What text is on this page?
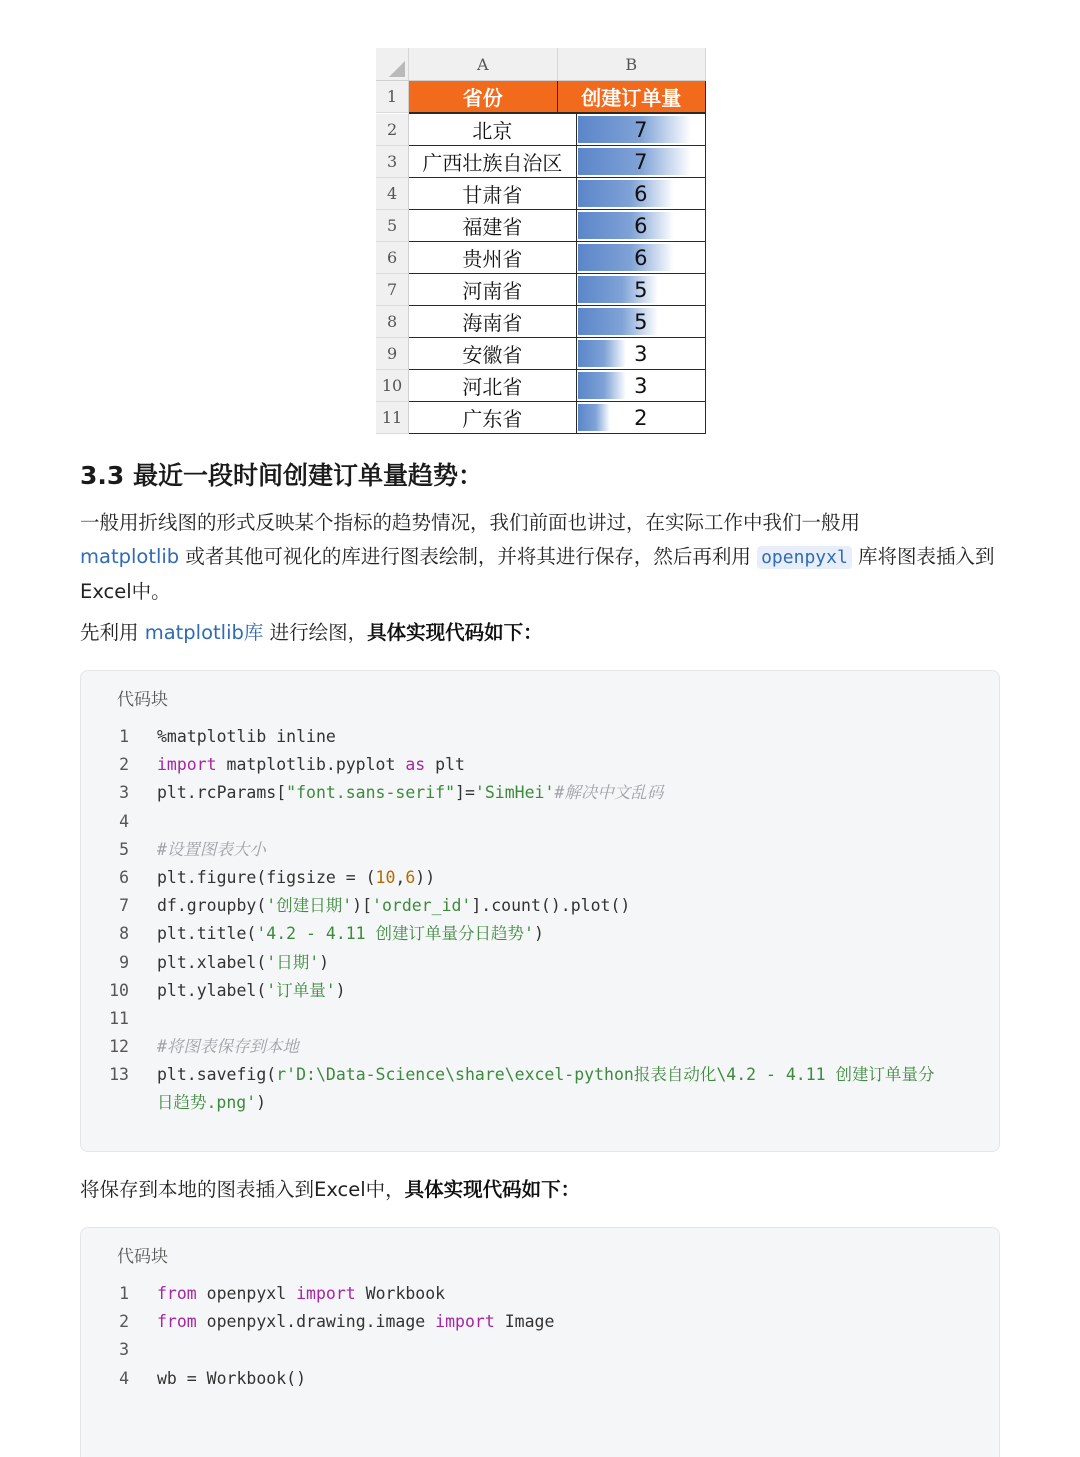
	A	B
1	省份	创建订单量
2	北京	7
3	广西壮族自治区	7
4	甘肃省	6
5	福建省	6
6	贵州省	6
7	河南省	5
8	海南省	5
9	安徽省	3
10	河北省	3
11	广东省	2
3.3 最近一段时间创建订单量趋势：

一般用折线图的形式反映某个指标的趋势情况，我们前面也讲过，在实际工作中我们一般用
matplotlib 或者其他可视化的库进行图表绘制，并将其进行保存，然后再利用 openpyxl 库将图表插入到Excel中。

先利用 matplotlib库 进行绘图，具体实现代码如下：

代码块
1 %matplotlib inline
2 import matplotlib.pyplot as plt
3 plt.rcParams["font.sans-serif"]='SimHei'#解决中文乱码
4
5 #设置图表大小
6 plt.figure(figsize = (10,6))
7 df.groupby('创建日期')['order_id'].count().plot()
8 plt.title('4.2 - 4.11 创建订单量分日趋势')
9 plt.xlabel('日期')
10 plt.ylabel('订单量')
11
12 #将图表保存到本地
13 plt.savefig(r'D:\Data-Science\share\excel-python报表自动化\4.2 - 4.11 创建订单量分
日趋势.png')

将保存到本地的图表插入到Excel中，具体实现代码如下：

代码块
1 from openpyxl import Workbook
2 from openpyxl.drawing.image import Image
3
4 wb = Workbook()
